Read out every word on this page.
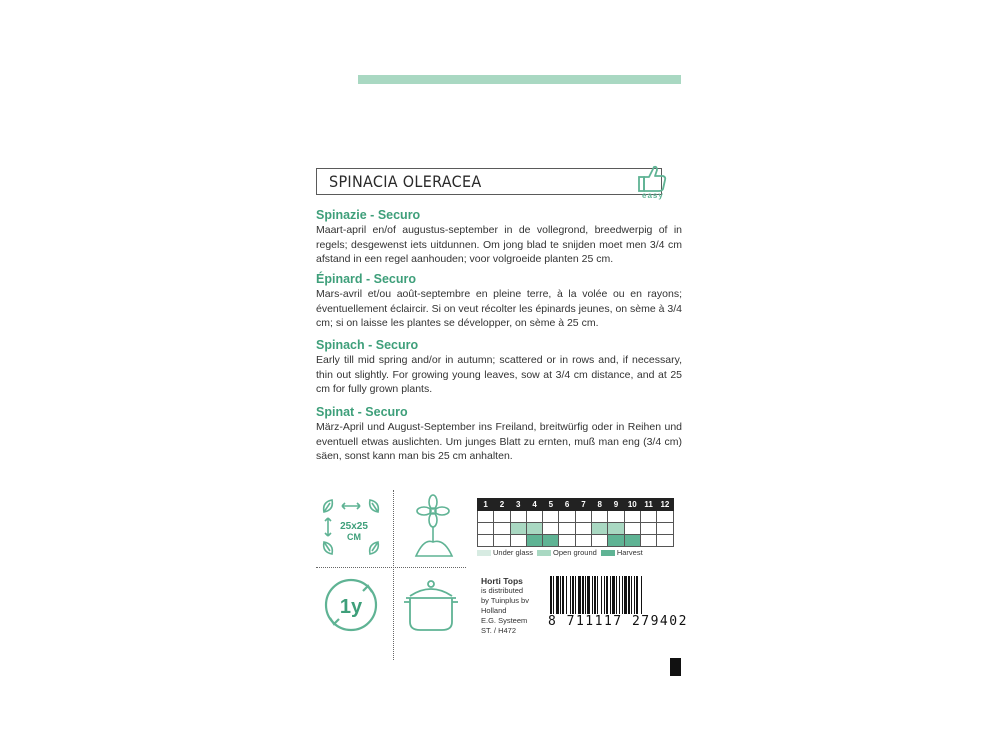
SPINACIA OLERACEA
easy
Spinazie - Securo

Maart-april en/of augustus-september in de vollegrond, breedwerpig of in regels; desgewenst iets uitdunnen. Om jong blad te snijden moet men 3/4 cm afstand in een regel aanhouden; voor volgroeide planten 25 cm.

Épinard - Securo

Mars-avril et/ou août-septembre en pleine terre, à la volée ou en rayons; éventuellement éclaircir. Si on veut récolter les épinards jeunes, on sème à 3/4 cm; si on laisse les plantes se développer, on sème à 25 cm.

Spinach - Securo

Early till mid spring and/or in autumn; scattered or in rows and, if necessary, thin out slightly. For growing young leaves, sow at 3/4 cm distance, and at 25 cm for fully grown plants.

Spinat - Securo

März-April und August-September ins Freiland, breitwürfig oder in Reihen und eventuell etwas auslichten. Um junges Blatt zu ernten, muß man eng (3/4 cm) säen, sonst kann man bis 25 cm anhalten.

25x25
CM
1y
1	2	3	4	5	6	7	8	9	10	11	12

Under glass	Open ground	Harvest
Horti Tops
is distributed
by Tuinplus bv
Holland
E.G. Systeem
ST. / H472
8 711117 279402
